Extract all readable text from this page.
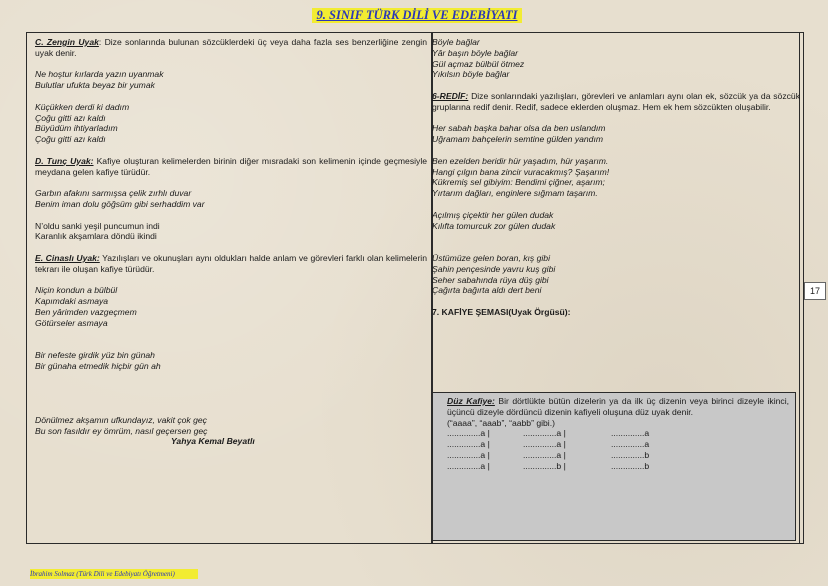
9. SINIF TÜRK DİLİ VE EDEBİYATI

C. Zengin Uyak: Dize sonlarında bulunan sözcüklerdeki üç veya daha fazla ses benzerliğine zengin uyak denir.

Ne hoştur kırlarda yazın uyanmak

Bulutlar ufukta beyaz bir yumak

Küçükken derdi ki dadım

Çoğu gitti azı kaldı

Büyüdüm ihtiyarladım

Çoğu gitti azı kaldı

D. Tunç Uyak: Kafiye oluşturan kelimelerden birinin diğer mısradaki son kelimenin içinde geçmesiyle meydana gelen kafiye türüdür.

Garbın afakını sarmışsa çelik zırhlı duvar

Benim iman dolu göğsüm gibi serhaddim var

N’oldu sanki yeşil puncumun indi

Karanlık akşamlara döndü ikindi

E. Cinaslı Uyak: Yazılışları ve okunuşları aynı oldukları halde anlam ve görevleri farklı olan kelimelerin tekrarı ile oluşan kafiye türüdür.

Niçin kondun a bülbül

Kapımdaki asmaya

Ben yârimden vazgeçmem

Götürseler asmaya

Bir nefeste girdik yüz bin günah

Bir günaha etmedik hiçbir gün ah

Dönülmez akşamın ufkundayız, vakit çok geç

Bu son fasıldır ey ömrüm, nasıl geçersen geç

Yahya Kemal Beyatlı

Böyle bağlar

Yâr başın böyle bağlar

Gül açmaz bülbül ötmez

Yıkılsın böyle bağlar

6-REDİF: Dize sonlarındaki yazılışları, görevleri ve anlamları aynı olan ek, sözcük ya da sözcük gruplarına redif denir. Redif, sadece eklerden oluşmaz. Hem ek hem sözcükten oluşabilir.

Her sabah başka bahar olsa da ben uslandım

Uğramam bahçelerin semtine gülden yandım

Ben ezelden beridir hür yaşadım, hür yaşarım.

Hangi çılgın bana zincir vuracakmış? Şaşarım!

Kükremiş sel gibiyim: Bendimi çiğner, aşarım;

Yırtarım dağları, enginlere sığmam taşarım.

Açılmış çiçektir her gülen dudak

Kılıfta tomurcuk zor gülen dudak

Üstümüze gelen boran, kış gibi

Şahin pençesinde yavru kuş gibi

Seher sabahında rüya düş gibi

Çağırta bağırta aldı dert beni

7. KAFİYE ŞEMASI(Uyak Örgüsü):

Düz Kafiye: Bir dörtlükte bütün dizelerin ya da ilk üç dizenin veya birinci dizeyle ikinci, üçüncü dizeyle dördüncü dizenin kafiyeli oluşuna düz uyak denir.

(“aaaa”, “aaab”, “aabb” gibi.)

..............a |	..............a |	..............a
..............a |	..............a |	..............a
..............a |	..............a |	..............b
..............a |	..............b |	..............b
17
İbrahim Solmaz (Türk Dili ve Edebiyatı Öğretmeni)
